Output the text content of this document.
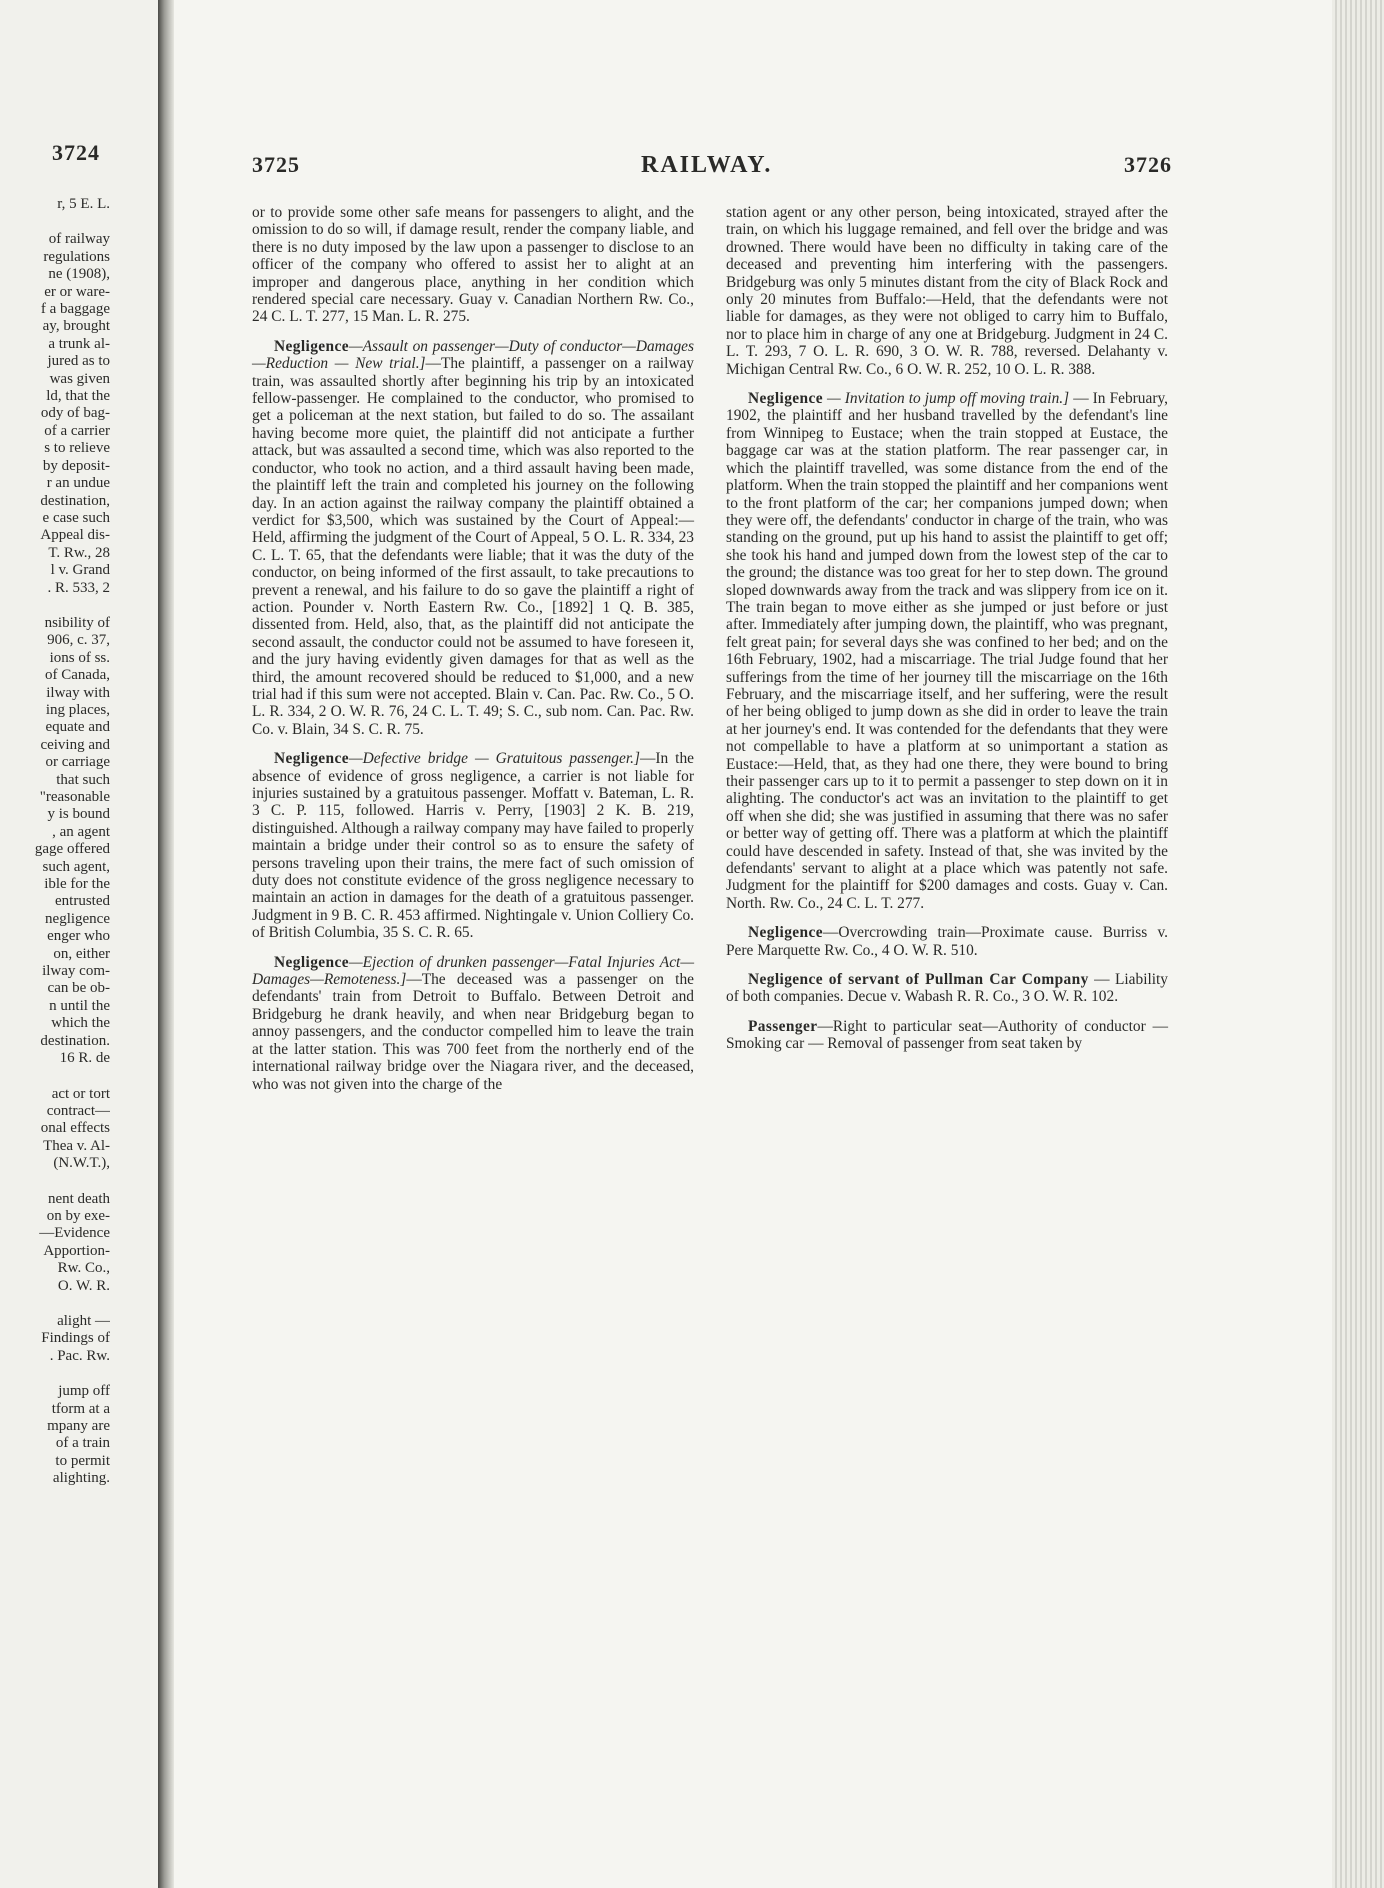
3724
r, 5 E. L.
of railway
regulations
ne (1908),
er or ware-
f a baggage
ay, brought
a trunk al-
jured as to
was given
ld, that the
ody of bag-
of a carrier
s to relieve
by deposit-
r an undue
destination,
e case such
Appeal dis-
T. Rw., 28
l v. Grand
. R. 533, 2
nsibility of
906, c. 37,
ions of ss.
of Canada,
ilway with
ing places,
equate and
ceiving and
or carriage
that such
"reasonable
y is bound
, an agent
gage offered
such agent,
ible for the
entrusted
negligence
enger who
on, either
ilway com-
can be ob-
n until the
which the
destination.
16 R. de
act or tort
contract—
onal effects
Thea v. Al-
(N.W.T.),
nent death
on by exe-
—Evidence
Apportion-
Rw. Co.,
O. W. R.
alight —
Findings of
. Pac. Rw.
jump off
tform at a
mpany are
of a train
to permit
alighting.
3725	RAILWAY.	3726

or to provide some other safe means for passengers to alight, and the omission to do so will, if damage result, render the company liable, and there is no duty imposed by the law upon a passenger to disclose to an officer of the company who offered to assist her to alight at an improper and dangerous place, anything in her condition which rendered special care necessary. Guay v. Canadian Northern Rw. Co., 24 C. L. T. 277, 15 Man. L. R. 275.

Negligence—Assault on passenger—Duty of conductor—Damages—Reduction — New trial.]—The plaintiff, a passenger on a railway train, was assaulted shortly after beginning his trip by an intoxicated fellow-passenger. He complained to the conductor, who promised to get a policeman at the next station, but failed to do so. The assailant having become more quiet, the plaintiff did not anticipate a further attack, but was assaulted a second time, which was also reported to the conductor, who took no action, and a third assault having been made, the plaintiff left the train and completed his journey on the following day. In an action against the railway company the plaintiff obtained a verdict for $3,500, which was sustained by the Court of Appeal:—Held, affirming the judgment of the Court of Appeal, 5 O. L. R. 334, 23 C. L. T. 65, that the defendants were liable; that it was the duty of the conductor, on being informed of the first assault, to take precautions to prevent a renewal, and his failure to do so gave the plaintiff a right of action. Pounder v. North Eastern Rw. Co., [1892] 1 Q. B. 385, dissented from. Held, also, that, as the plaintiff did not anticipate the second assault, the conductor could not be assumed to have foreseen it, and the jury having evidently given damages for that as well as the third, the amount recovered should be reduced to $1,000, and a new trial had if this sum were not accepted. Blain v. Can. Pac. Rw. Co., 5 O. L. R. 334, 2 O. W. R. 76, 24 C. L. T. 49; S. C., sub nom. Can. Pac. Rw. Co. v. Blain, 34 S. C. R. 75.

Negligence—Defective bridge — Gratuitous passenger.]—In the absence of evidence of gross negligence, a carrier is not liable for injuries sustained by a gratuitous passenger. Moffatt v. Bateman, L. R. 3 C. P. 115, followed. Harris v. Perry, [1903] 2 K. B. 219, distinguished. Although a railway company may have failed to properly maintain a bridge under their control so as to ensure the safety of persons traveling upon their trains, the mere fact of such omission of duty does not constitute evidence of the gross negligence necessary to maintain an action in damages for the death of a gratuitous passenger. Judgment in 9 B. C. R. 453 affirmed. Nightingale v. Union Colliery Co. of British Columbia, 35 S. C. R. 65.

Negligence—Ejection of drunken passenger—Fatal Injuries Act—Damages—Remoteness.]—The deceased was a passenger on the defendants' train from Detroit to Buffalo. Between Detroit and Bridgeburg he drank heavily, and when near Bridgeburg began to annoy passengers, and the conductor compelled him to leave the train at the latter station. This was 700 feet from the northerly end of the international railway bridge over the Niagara river, and the deceased, who was not given into the charge of the

station agent or any other person, being intoxicated, strayed after the train, on which his luggage remained, and fell over the bridge and was drowned. There would have been no difficulty in taking care of the deceased and preventing him interfering with the passengers. Bridgeburg was only 5 minutes distant from the city of Black Rock and only 20 minutes from Buffalo:—Held, that the defendants were not liable for damages, as they were not obliged to carry him to Buffalo, nor to place him in charge of any one at Bridgeburg. Judgment in 24 C. L. T. 293, 7 O. L. R. 690, 3 O. W. R. 788, reversed. Delahanty v. Michigan Central Rw. Co., 6 O. W. R. 252, 10 O. L. R. 388.

Negligence — Invitation to jump off moving train.] — In February, 1902, the plaintiff and her husband travelled by the defendant's line from Winnipeg to Eustace; when the train stopped at Eustace, the baggage car was at the station platform. The rear passenger car, in which the plaintiff travelled, was some distance from the end of the platform. When the train stopped the plaintiff and her companions went to the front platform of the car; her companions jumped down; when they were off, the defendants' conductor in charge of the train, who was standing on the ground, put up his hand to assist the plaintiff to get off; she took his hand and jumped down from the lowest step of the car to the ground; the distance was too great for her to step down. The ground sloped downwards away from the track and was slippery from ice on it. The train began to move either as she jumped or just before or just after. Immediately after jumping down, the plaintiff, who was pregnant, felt great pain; for several days she was confined to her bed; and on the 16th February, 1902, had a miscarriage. The trial Judge found that her sufferings from the time of her journey till the miscarriage on the 16th February, and the miscarriage itself, and her suffering, were the result of her being obliged to jump down as she did in order to leave the train at her journey's end. It was contended for the defendants that they were not compellable to have a platform at so unimportant a station as Eustace:—Held, that, as they had one there, they were bound to bring their passenger cars up to it to permit a passenger to step down on it in alighting. The conductor's act was an invitation to the plaintiff to get off when she did; she was justified in assuming that there was no safer or better way of getting off. There was a platform at which the plaintiff could have descended in safety. Instead of that, she was invited by the defendants' servant to alight at a place which was patently not safe. Judgment for the plaintiff for $200 damages and costs. Guay v. Can. North. Rw. Co., 24 C. L. T. 277.

Negligence—Overcrowding train—Proximate cause. Burriss v. Pere Marquette Rw. Co., 4 O. W. R. 510.

Negligence of servant of Pullman Car Company — Liability of both companies. Decue v. Wabash R. R. Co., 3 O. W. R. 102.

Passenger—Right to particular seat—Authority of conductor — Smoking car — Removal of passenger from seat taken by
